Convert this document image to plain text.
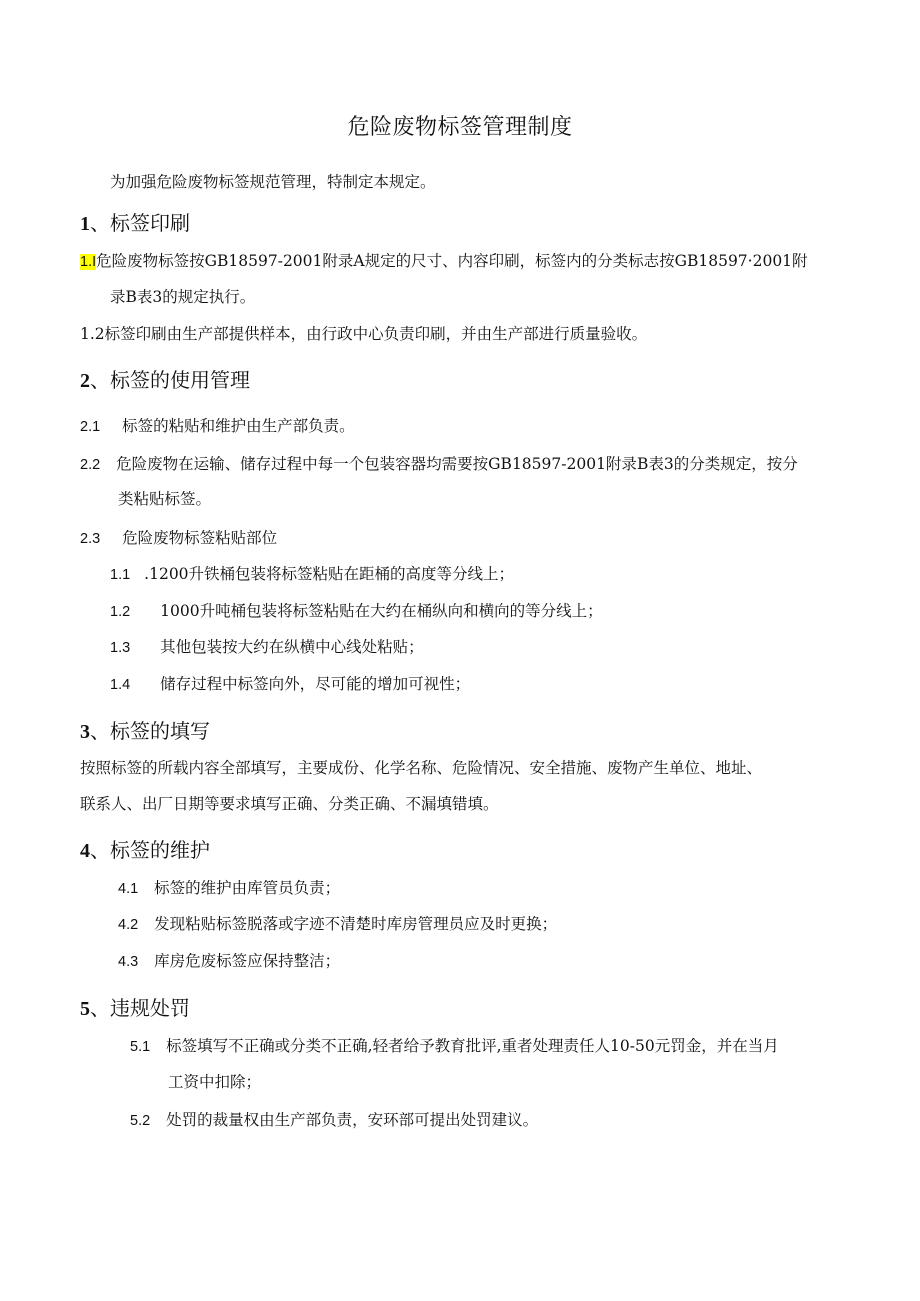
危险废物标签管理制度
为加强危险废物标签规范管理，特制定本规定。
1、标签印刷
1.I危险废物标签按GB18597-2001附录A规定的尺寸、内容印刷，标签内的分类标志按GB18597·2001附
录B表3的规定执行。
1.2标签印刷由生产部提供样本，由行政中心负责印刷，并由生产部进行质量验收。
2、标签的使用管理
2.1 标签的粘贴和维护由生产部负责。
2.2 危险废物在运输、储存过程中每一个包装容器均需要按GB18597-2001附录B表3的分类规定，按分
类粘贴标签。
2.3 危险废物标签粘贴部位
1.1 .1200升铁桶包装将标签粘贴在距桶的高度等分线上；
1.2 1000升吨桶包装将标签粘贴在大约在桶纵向和横向的等分线上；
1.3 其他包装按大约在纵横中心线处粘贴；
1.4 储存过程中标签向外，尽可能的增加可视性；
3、标签的填写
按照标签的所载内容全部填写，主要成份、化学名称、危险情况、安全措施、废物产生单位、地址、
联系人、出厂日期等要求填写正确、分类正确、不漏填错填。
4、标签的维护
4.1 标签的维护由库管员负责；
4.2 发现粘贴标签脱落或字迹不清楚时库房管理员应及时更换；
4.3 库房危废标签应保持整洁；
5、违规处罚
5.1 标签填写不正确或分类不正确,轻者给予教育批评,重者处理责任人10-50元罚金，并在当月
工资中扣除；
5.2 处罚的裁量权由生产部负责，安环部可提出处罚建议。
